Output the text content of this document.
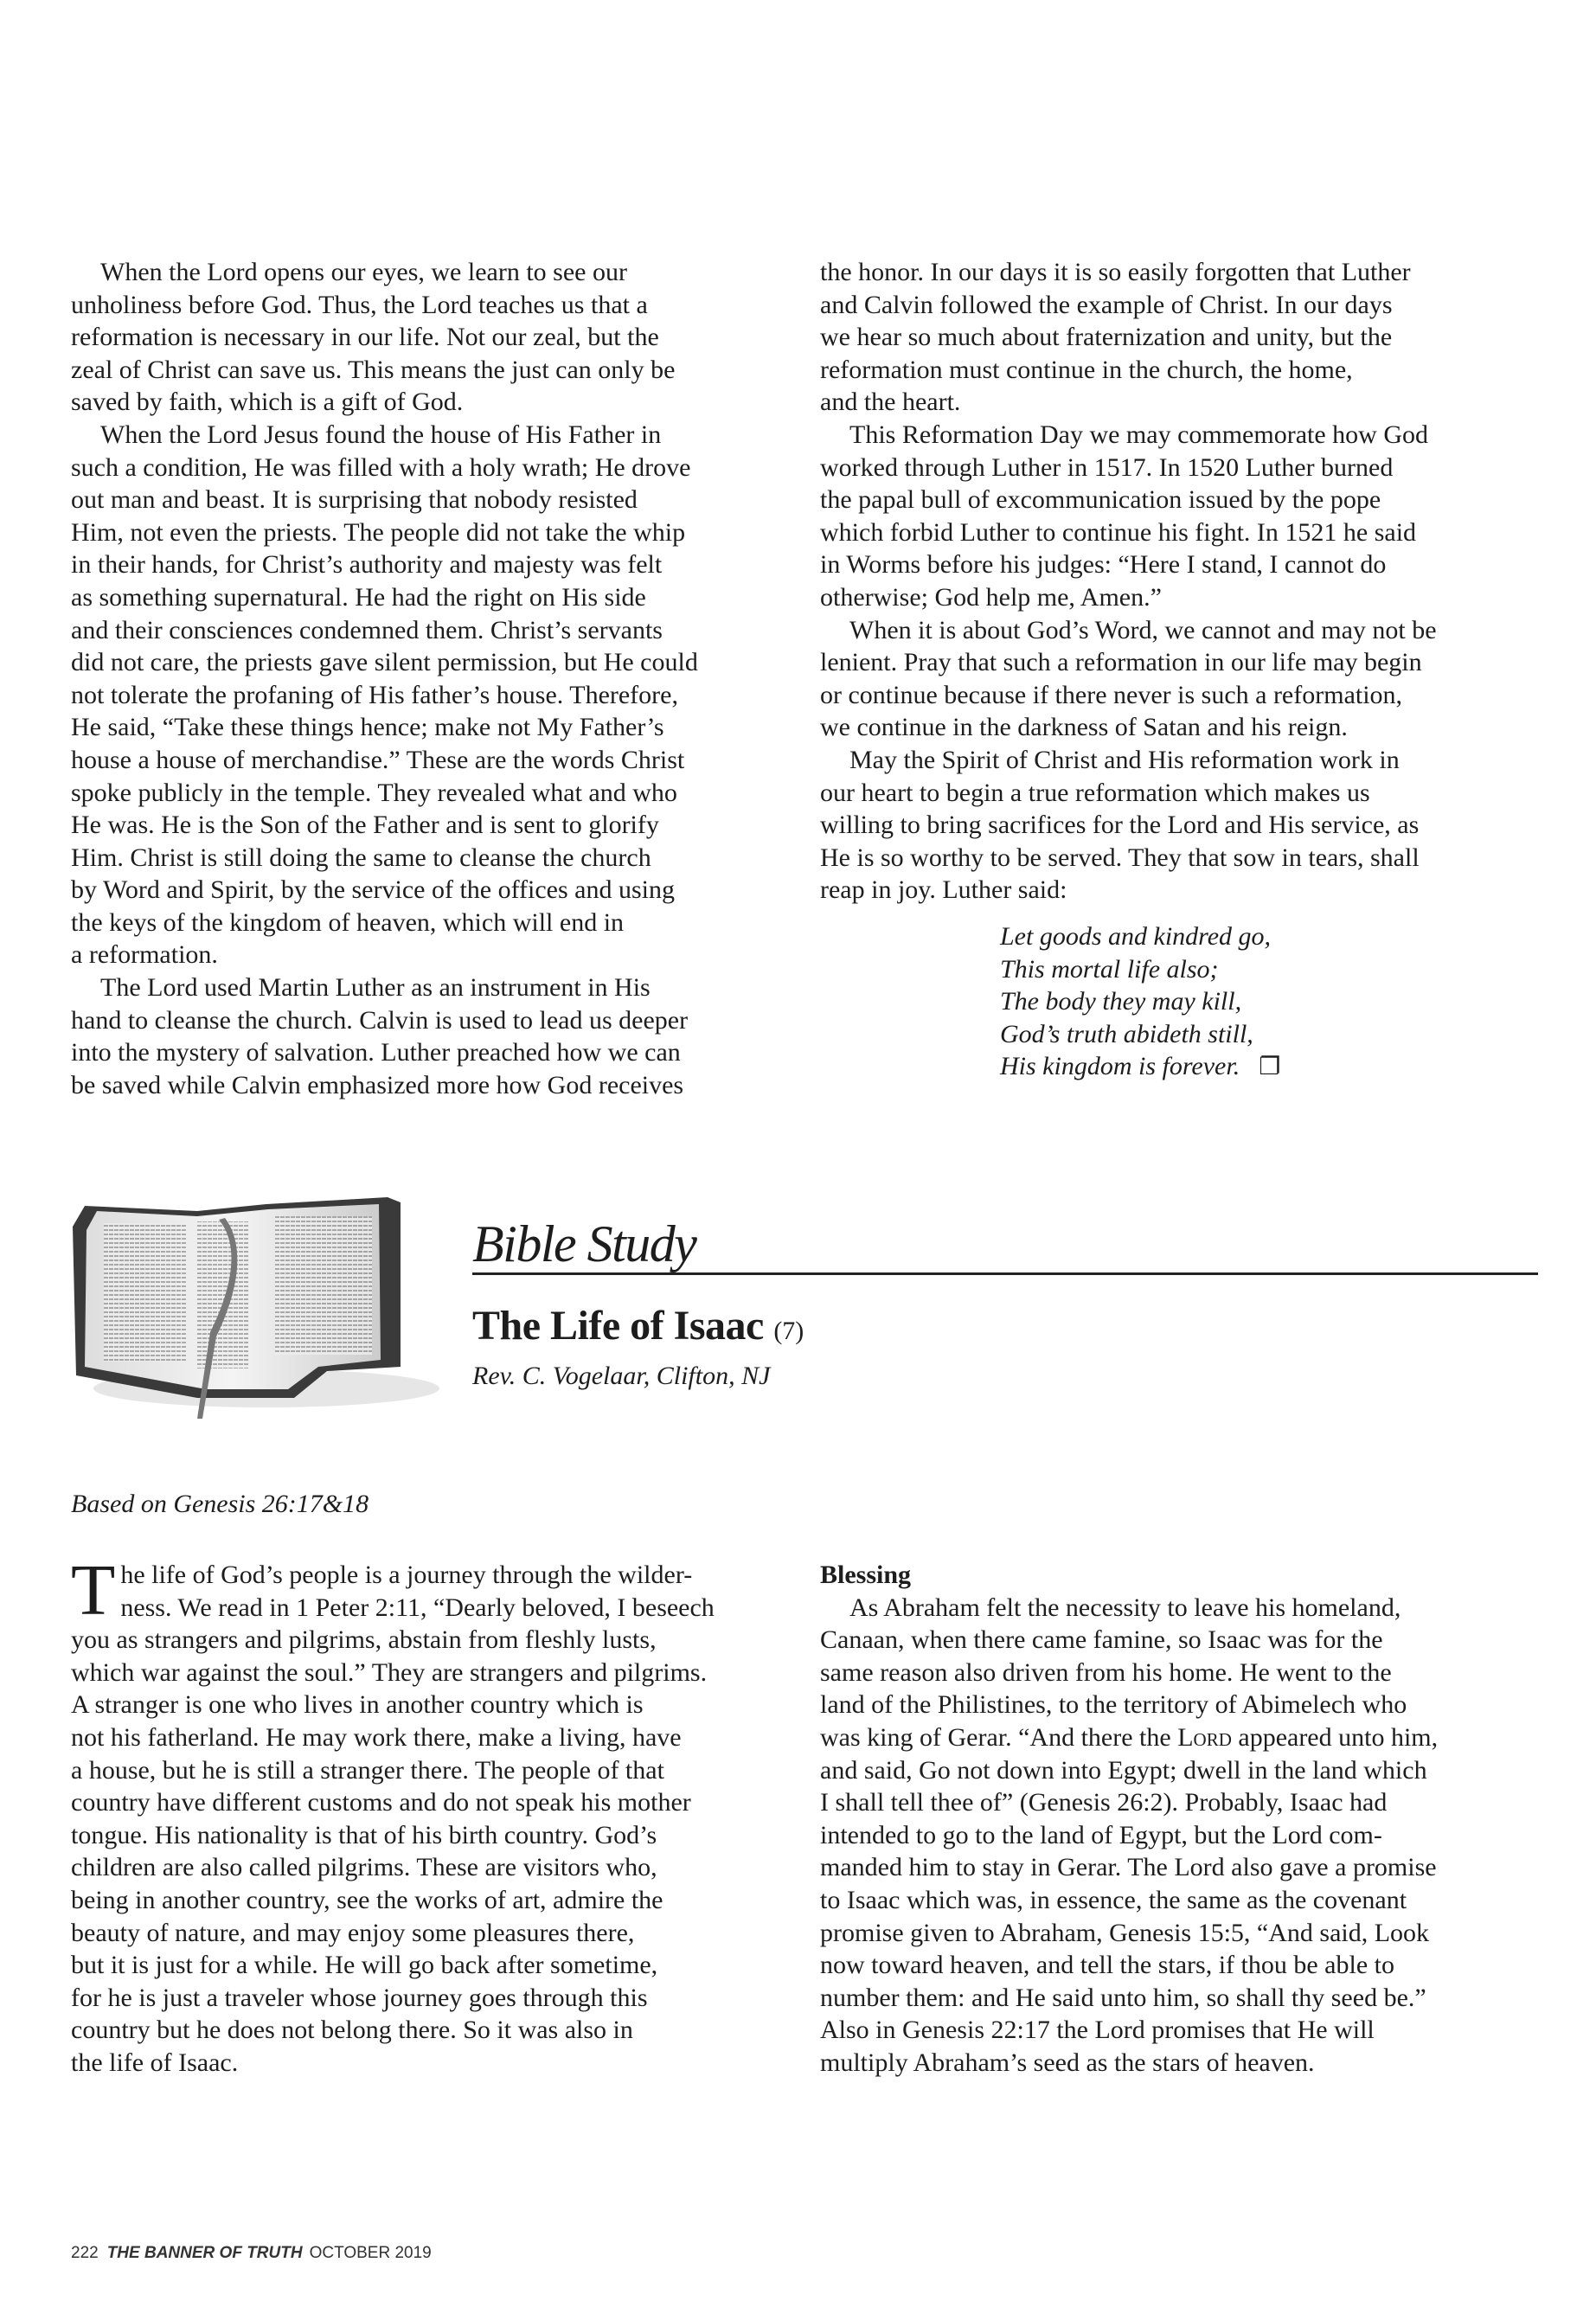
When the Lord opens our eyes, we learn to see our
unholiness before God. Thus, the Lord teaches us that a
reformation is necessary in our life. Not our zeal, but the
zeal of Christ can save us. This means the just can only be
saved by faith, which is a gift of God.
When the Lord Jesus found the house of His Father in
such a condition, He was filled with a holy wrath; He drove
out man and beast. It is surprising that nobody resisted
Him, not even the priests. The people did not take the whip
in their hands, for Christ’s authority and majesty was felt
as something supernatural. He had the right on His side
and their consciences condemned them. Christ’s servants
did not care, the priests gave silent permission, but He could
not tolerate the profaning of His father’s house. Therefore,
He said, “Take these things hence; make not My Father’s
house a house of merchandise.” These are the words Christ
spoke publicly in the temple. They revealed what and who
He was. He is the Son of the Father and is sent to glorify
Him. Christ is still doing the same to cleanse the church
by Word and Spirit, by the service of the offices and using
the keys of the kingdom of heaven, which will end in
a reformation.
The Lord used Martin Luther as an instrument in His
hand to cleanse the church. Calvin is used to lead us deeper
into the mystery of salvation. Luther preached how we can
be saved while Calvin emphasized more how God receives
the honor. In our days it is so easily forgotten that Luther
and Calvin followed the example of Christ. In our days
we hear so much about fraternization and unity, but the
reformation must continue in the church, the home,
and the heart.
This Reformation Day we may commemorate how God
worked through Luther in 1517. In 1520 Luther burned
the papal bull of excommunication issued by the pope
which forbid Luther to continue his fight. In 1521 he said
in Worms before his judges: “Here I stand, I cannot do
otherwise; God help me, Amen.”
When it is about God’s Word, we cannot and may not be
lenient. Pray that such a reformation in our life may begin
or continue because if there never is such a reformation,
we continue in the darkness of Satan and his reign.
May the Spirit of Christ and His reformation work in
our heart to begin a true reformation which makes us
willing to bring sacrifices for the Lord and His service, as
He is so worthy to be served. They that sow in tears, shall
reap in joy. Luther said:
Let goods and kindred go,
This mortal life also;
The body they may kill,
God’s truth abideth still,
His kingdom is forever. ❐
Bible Study
The Life of Isaac (7)
Rev. C. Vogelaar, Clifton, NJ
Based on Genesis 26:17&18
The life of God’s people is a journey through the wilder-
ness. We read in 1 Peter 2:11, “Dearly beloved, I beseech
you as strangers and pilgrims, abstain from fleshly lusts,
which war against the soul.” They are strangers and pilgrims.
A stranger is one who lives in another country which is
not his fatherland. He may work there, make a living, have
a house, but he is still a stranger there. The people of that
country have different customs and do not speak his mother
tongue. His nationality is that of his birth country. God’s
children are also called pilgrims. These are visitors who,
being in another country, see the works of art, admire the
beauty of nature, and may enjoy some pleasures there,
but it is just for a while. He will go back after sometime,
for he is just a traveler whose journey goes through this
country but he does not belong there. So it was also in
the life of Isaac.
Blessing
As Abraham felt the necessity to leave his homeland,
Canaan, when there came famine, so Isaac was for the
same reason also driven from his home. He went to the
land of the Philistines, to the territory of Abimelech who
was king of Gerar. “And there the Lord appeared unto him,
and said, Go not down into Egypt; dwell in the land which
I shall tell thee of” (Genesis 26:2). Probably, Isaac had
intended to go to the land of Egypt, but the Lord com-
manded him to stay in Gerar. The Lord also gave a promise
to Isaac which was, in essence, the same as the covenant
promise given to Abraham, Genesis 15:5, “And said, Look
now toward heaven, and tell the stars, if thou be able to
number them: and He said unto him, so shall thy seed be.”
Also in Genesis 22:17 the Lord promises that He will
multiply Abraham’s seed as the stars of heaven.
222 THE BANNER OF TRUTH OCTOBER 2019
